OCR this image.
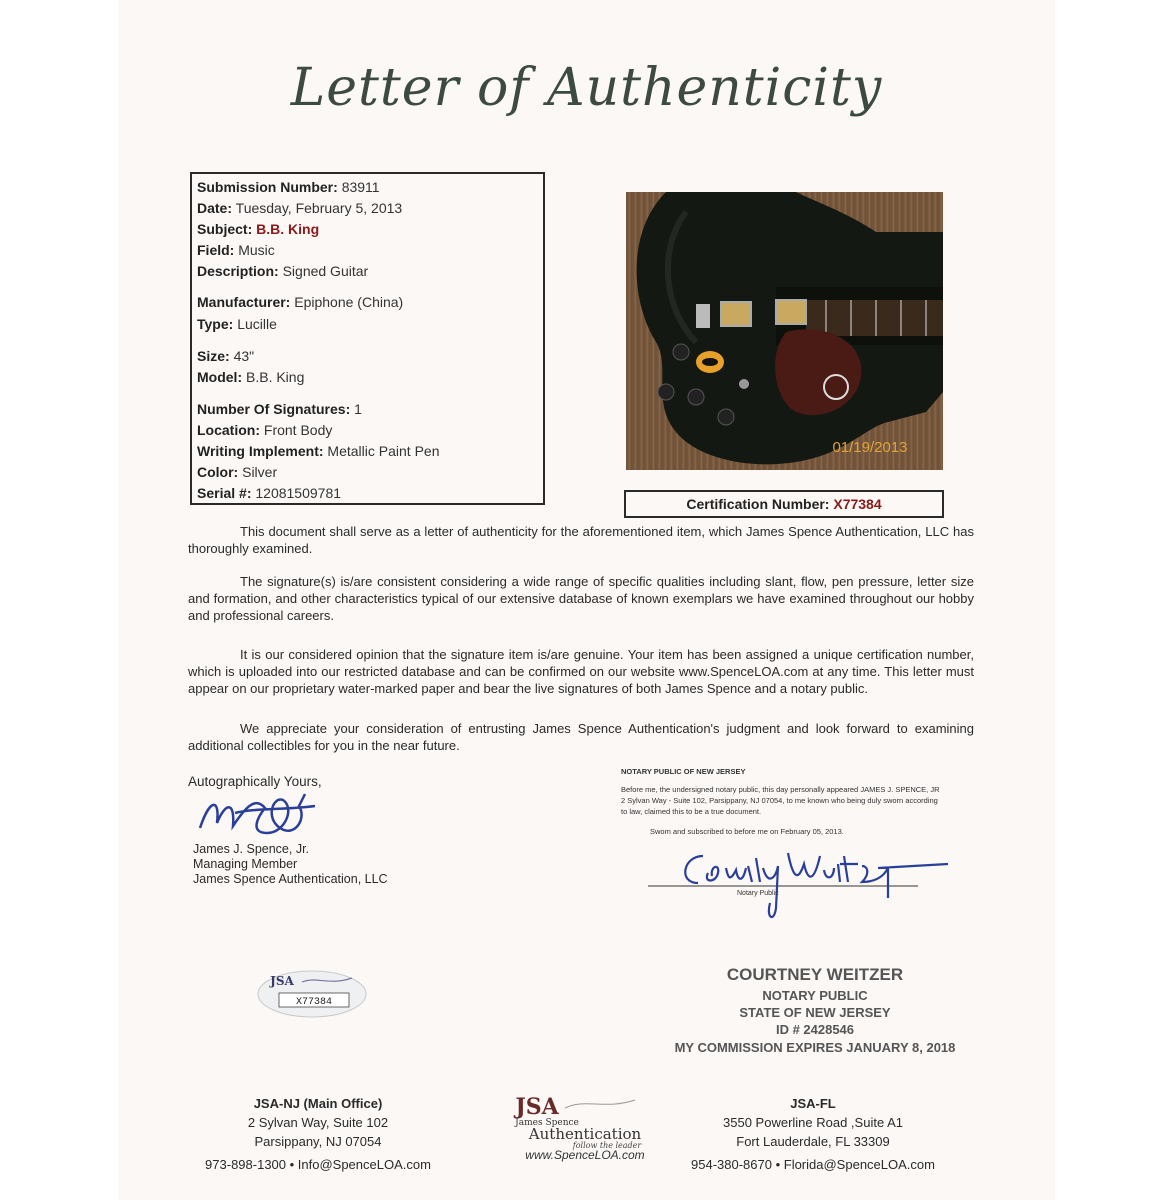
Letter of Authenticity
Submission Number: 83911
Date: Tuesday, February 5, 2013
Subject: B.B. King
Field: Music
Description: Signed Guitar
Manufacturer: Epiphone (China)
Type: Lucille
Size: 43"
Model: B.B. King
Number Of Signatures: 1
Location: Front Body
Writing Implement: Metallic Paint Pen
Color: Silver
Serial #: 12081509781
01/19/2013
Certification Number: X77384
This document shall serve as a letter of authenticity for the aforementioned item, which James Spence Authentication, LLC has thoroughly examined.
The signature(s) is/are consistent considering a wide range of specific qualities including slant, flow, pen pressure, letter size and formation, and other characteristics typical of our extensive database of known exemplars we have examined throughout our hobby and professional careers.
It is our considered opinion that the signature item is/are genuine. Your item has been assigned a unique certification number, which is uploaded into our restricted database and can be confirmed on our website www.SpenceLOA.com at any time. This letter must appear on our proprietary water-marked paper and bear the live signatures of both James Spence and a notary public.
We appreciate your consideration of entrusting James Spence Authentication's judgment and look forward to examining additional collectibles for you in the near future.
Autographically Yours,
James J. Spence, Jr.
Managing Member
James Spence Authentication, LLC
NOTARY PUBLIC OF NEW JERSEY
Before me, the undersigned notary public, this day personally appeared JAMES J. SPENCE, JR 2 Sylvan Way - Suite 102, Parsippany, NJ 07054, to me known who being duly sworn according to law, claimed this to be a true document.
Swom and subscribed to before me on February 05, 2013.
Notary Public
COURTNEY WEITZER
NOTARY PUBLIC
STATE OF NEW JERSEY
ID # 2428546
MY COMMISSION EXPIRES JANUARY 8, 2018
JSA
X77384
JSA-NJ (Main Office)
2 Sylvan Way, Suite 102
Parsippany, NJ 07054
973-898-1300 • Info@SpenceLOA.com
JSA
James Spence
Authentication
follow the leader
www.SpenceLOA.com
JSA-FL
3550 Powerline Road ,Suite A1
Fort Lauderdale, FL 33309
954-380-8670 • Florida@SpenceLOA.com
